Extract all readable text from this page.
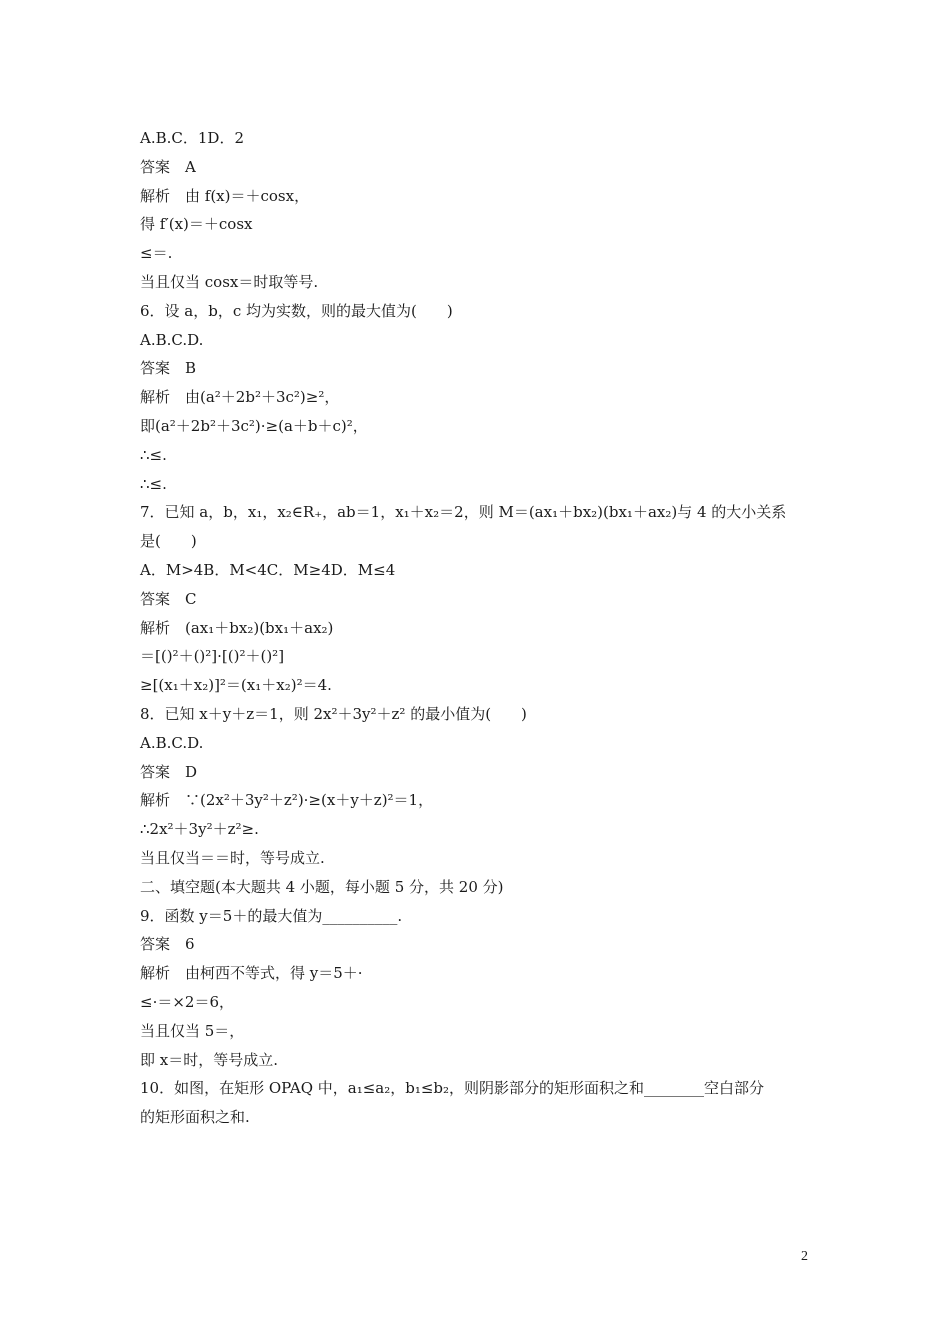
A.B.C．1D．2
答案　A
解析　由 f(x)＝＋cosx，
得 f′(x)＝＋cosx
≤＝.
当且仅当 cosx＝时取等号.
6．设 a，b，c 均为实数，则的最大值为(　　)
A.B.C.D.
答案　B
解析　由(a²＋2b²＋3c²)≥²，
即(a²＋2b²＋3c²)·≥(a＋b＋c)²，
∴≤.
∴≤.
7．已知 a，b，x₁，x₂∈R₊，ab＝1，x₁＋x₂＝2，则 M＝(ax₁＋bx₂)(bx₁＋ax₂)与 4 的大小关系
是(　　)
A．M>4B．M<4C．M≥4D．M≤4
答案　C
解析　(ax₁＋bx₂)(bx₁＋ax₂)
＝[()²＋()²]·[()²＋()²]
≥[(x₁＋x₂)]²＝(x₁＋x₂)²＝4.
8．已知 x＋y＋z＝1，则 2x²＋3y²＋z² 的最小值为(　　)
A.B.C.D.
答案　D
解析　∵(2x²＋3y²＋z²)·≥(x＋y＋z)²＝1，
∴2x²＋3y²＋z²≥.
当且仅当＝＝时，等号成立.
二、填空题(本大题共 4 小题，每小题 5 分，共 20 分)
9．函数 y＝5＋的最大值为__________.
答案　6
解析　由柯西不等式，得 y＝5＋·
≤·＝×2＝6，
当且仅当 5＝，
即 x＝时，等号成立.
10．如图，在矩形 OPAQ 中，a₁≤a₂，b₁≤b₂，则阴影部分的矩形面积之和________空白部分
的矩形面积之和.
2
